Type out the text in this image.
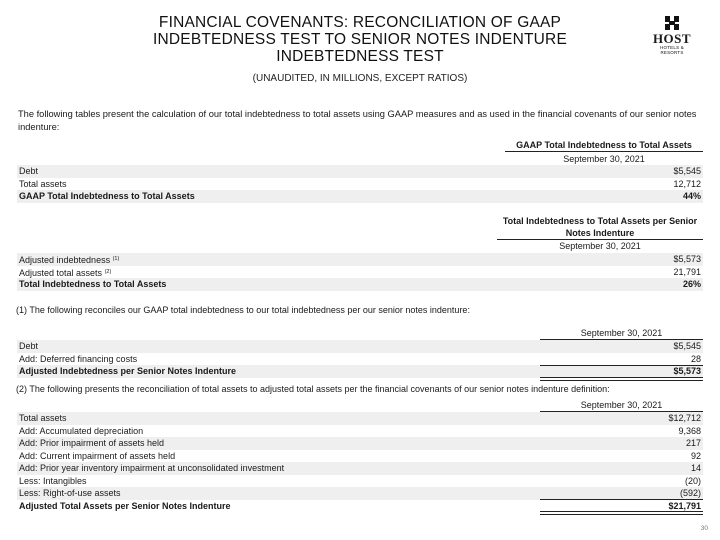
FINANCIAL COVENANTS: RECONCILIATION OF GAAP
INDEBTEDNESS TEST TO SENIOR NOTES INDENTURE
INDEBTEDNESS TEST
(UNAUDITED, IN MILLIONS, EXCEPT RATIOS)
HOST
HOTELS & RESORTS
The following tables present the calculation of our total indebtedness to total assets using GAAP measures and as used in the financial covenants of our senior notes indenture:
GAAP Total Indebtedness to Total Assets
September 30, 2021
Debt	$5,545
Total assets	12,712
GAAP Total Indebtedness to Total Assets	44%
Total Indebtedness to Total Assets per Senior
Notes Indenture
September 30, 2021
Adjusted indebtedness $^{(1)}$	$5,573
Adjusted total assets $^{(2)}$	21,791
Total Indebtedness to Total Assets	26%
(1) The following reconciles our GAAP total indebtedness to our total indebtedness per our senior notes indenture:
September 30, 2021
Debt	$5,545
Add: Deferred financing costs	28
Adjusted Indebtedness per Senior Notes Indenture	$5,573
(2) The following presents the reconciliation of total assets to adjusted total assets per the financial covenants of our senior notes indenture definition:
September 30, 2021
Total assets	$12,712
Add: Accumulated depreciation	9,368
Add: Prior impairment of assets held	217
Add: Current impairment of assets held	92
Add: Prior year inventory impairment at unconsolidated investment	14
Less: Intangibles	(20)
Less: Right-of-use assets	(592)
Adjusted Total Assets per Senior Notes Indenture	$21,791
30
